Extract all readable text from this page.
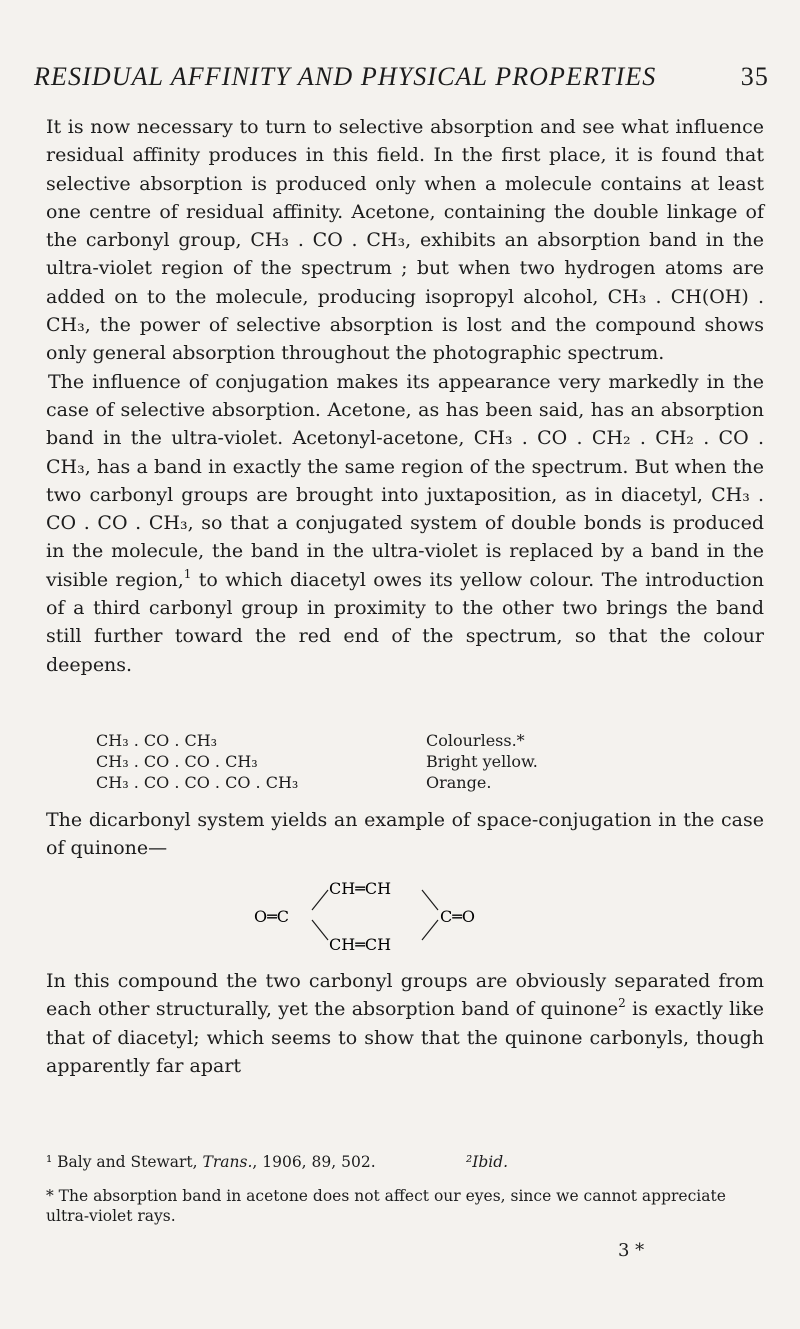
RESIDUAL AFFINITY AND PHYSICAL PROPERTIES	35

It is now necessary to turn to selective absorption and see what influence residual affinity produces in this field. In the first place, it is found that selective absorption is produced only when a molecule contains at least one centre of residual affinity. Acetone, containing the double linkage of the carbonyl group, CH₃ . CO . CH₃, exhibits an absorption band in the ultra-violet region of the spectrum ; but when two hydrogen atoms are added on to the molecule, producing isopropyl alcohol, CH₃ . CH(OH) . CH₃, the power of selective absorption is lost and the compound shows only general absorption throughout the photographic spectrum.

The influence of conjugation makes its appearance very markedly in the case of selective absorption. Acetone, as has been said, has an absorption band in the ultra-violet. Acetonyl-acetone, CH₃ . CO . CH₂ . CH₂ . CO . CH₃, has a band in exactly the same region of the spectrum. But when the two carbonyl groups are brought into juxtaposition, as in diacetyl, CH₃ . CO . CO . CH₃, so that a conjugated system of double bonds is produced in the molecule, the band in the ultra-violet is replaced by a band in the visible region,$^1$ to which diacetyl owes its yellow colour. The introduction of a third carbonyl group in proximity to the other two brings the band still further toward the red end of the spectrum, so that the colour deepens.

CH₃ . CO . CH₃	Colourless.*
CH₃ . CO . CO . CH₃	Bright yellow.
CH₃ . CO . CO . CO . CH₃	Orange.

The dicarbonyl system yields an example of space-conjugation in the case of quinone—

CH═CH
CH═CH
O═C	C═O

In this compound the two carbonyl groups are obviously separated from each other structurally, yet the absorption band of quinone$^2$ is exactly like that of diacetyl; which seems to show that the quinone carbonyls, though apparently far apart

¹ Baly and Stewart, Trans., 1906, 89, 502.	²Ibid.
* The absorption band in acetone does not affect our eyes, since we cannot appreciate ultra-violet rays.
3 *
